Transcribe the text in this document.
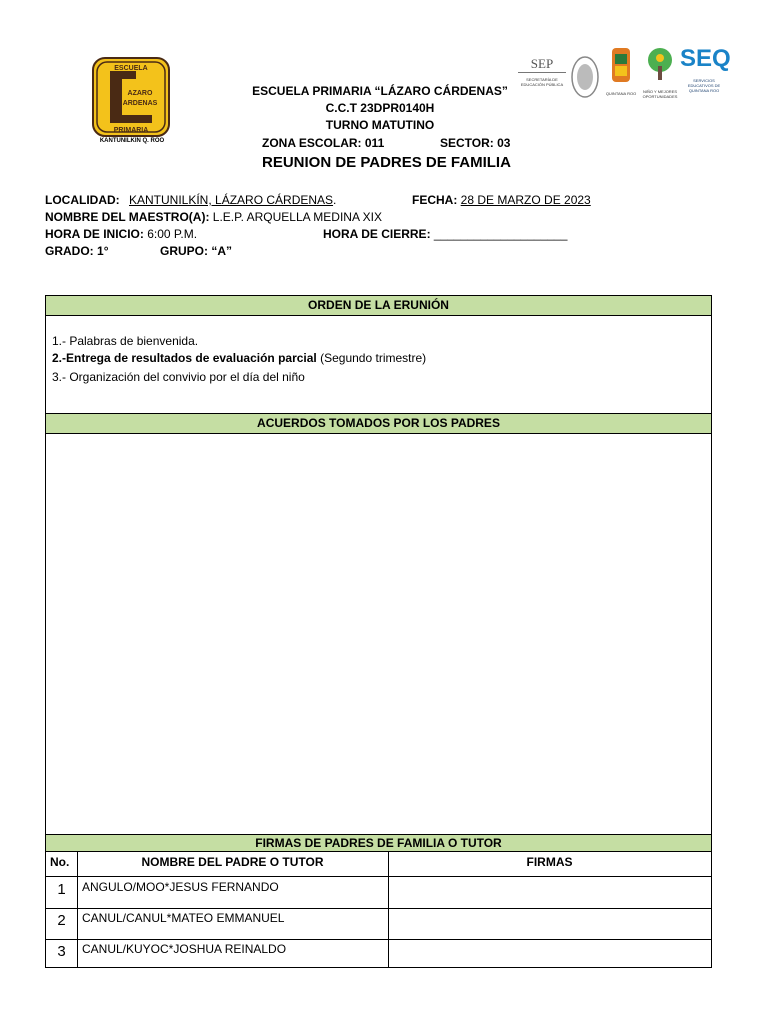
ESCUELA
PRIMARIA
AZARO
ARDENAS
KANTUNILKIN Q. ROO
ESCUELA PRIMARIA “LÁZARO CÁRDENAS”
C.C.T 23DPR0140H
TURNO MATUTINO
ZONA ESCOLAR: 011	SECTOR: 03
REUNION DE PADRES DE FAMILIA
SEP
SECRETARÍA DE EDUCACIÓN PÚBLICA
QUINTANA ROO	NIÑO Y MEJORES OPORTUNIDADES
SEQ
SERVICIOS EDUCATIVOS DE QUINTANA ROO
LOCALIDAD: KANTUNILKÍN, LÁZARO CÁRDENAS.	FECHA: 28 DE MARZO DE 2023
NOMBRE DEL MAESTRO(A): L.E.P. ARQUELLA MEDINA XIX
HORA DE INICIO: 6:00 P.M.	HORA DE CIERRE: ____________________
GRADO: 1°	GRUPO: “A”
ORDEN DE LA ERUNIÓN
1.- Palabras de bienvenida.
2.-Entrega de resultados de evaluación parcial (Segundo trimestre)
3.- Organización del convivio por el día del niño
ACUERDOS TOMADOS POR LOS PADRES
FIRMAS DE PADRES DE FAMILIA O TUTOR
No.	NOMBRE DEL PADRE O TUTOR	FIRMAS
1	ANGULO/MOO*JESUS FERNANDO
2	CANUL/CANUL*MATEO EMMANUEL
3	CANUL/KUYOC*JOSHUA REINALDO
